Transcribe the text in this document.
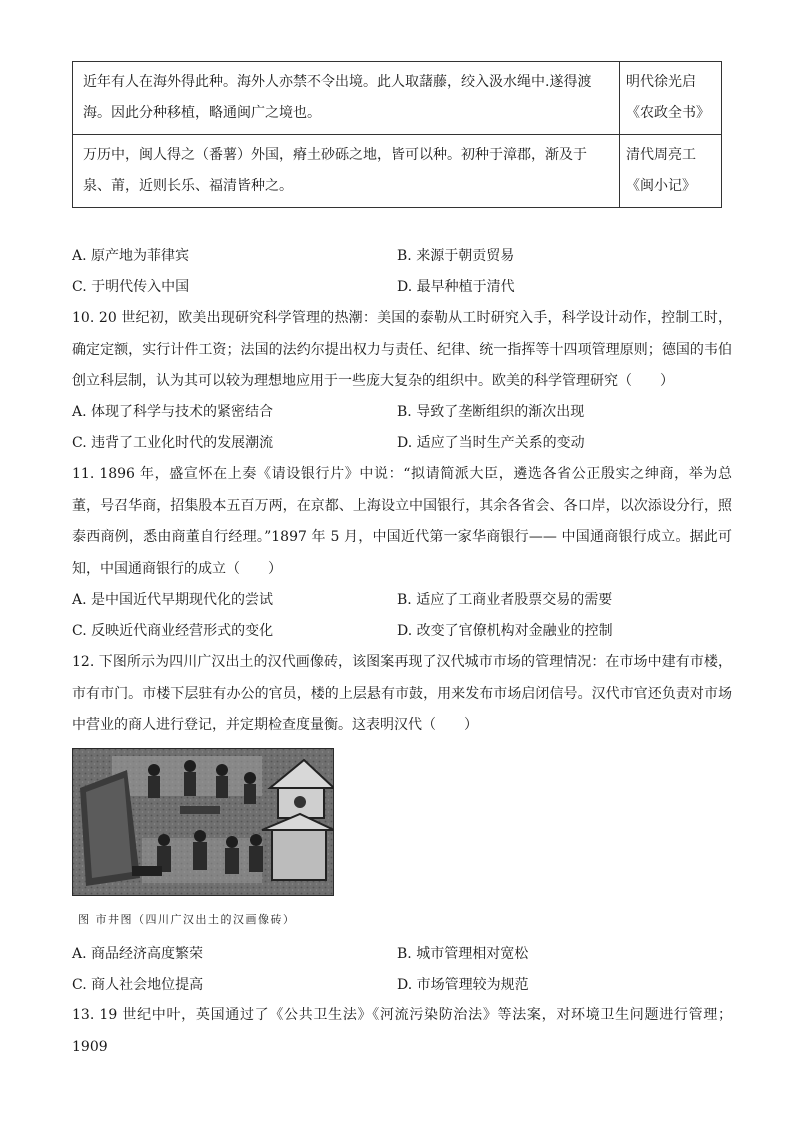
近年有人在海外得此种。海外人亦禁不令出境。此人取藷藤，绞入汲水绳中.遂得渡海。因此分种移植，略通闽广之境也。	明代徐光启
《农政全书》

万历中，闽人得之（番薯）外国，瘠土砂砾之地，皆可以种。初种于漳郡，渐及于泉、莆，近则长乐、福清皆种之。	清代周亮工
《闽小记》
A. 原产地为菲律宾	B. 来源于朝贡贸易
C. 于明代传入中国	D. 最早种植于清代
10. 20 世纪初，欧美出现研究科学管理的热潮：美国的泰勒从工时研究入手，科学设计动作，控制工时，确定定额，实行计件工资；法国的法约尔提出权力与责任、纪律、统一指挥等十四项管理原则；德国的韦伯创立科层制，认为其可以较为理想地应用于一些庞大复杂的组织中。欧美的科学管理研究（　　）
A. 体现了科学与技术的紧密结合	B. 导致了垄断组织的渐次出现
C. 违背了工业化时代的发展潮流	D. 适应了当时生产关系的变动
11. 1896 年，盛宣怀在上奏《请设银行片》中说：“拟请简派大臣，遴选各省公正殷实之绅商，举为总董，号召华商，招集股本五百万两，在京都、上海设立中国银行，其余各省会、各口岸，以次添设分行，照泰西商例，悉由商董自行经理。”1897 年 5 月，中国近代第一家华商银行—— 中国通商银行成立。据此可知，中国通商银行的成立（　　）
A. 是中国近代早期现代化的尝试	B. 适应了工商业者股票交易的需要
C. 反映近代商业经营形式的变化	D. 改变了官僚机构对金融业的控制
12. 下图所示为四川广汉出土的汉代画像砖，该图案再现了汉代城市市场的管理情况：在市场中建有市楼，市有市门。市楼下层驻有办公的官员，楼的上层悬有市鼓，用来发布市场启闭信号。汉代市官还负责对市场中营业的商人进行登记，并定期检查度量衡。这表明汉代（　　）
图 市井图（四川广汉出土的汉画像砖）
A. 商品经济高度繁荣	B. 城市管理相对宽松
C. 商人社会地位提高	D. 市场管理较为规范
13. 19 世纪中叶，英国通过了《公共卫生法》《河流污染防治法》等法案，对环境卫生问题进行管理；1909
